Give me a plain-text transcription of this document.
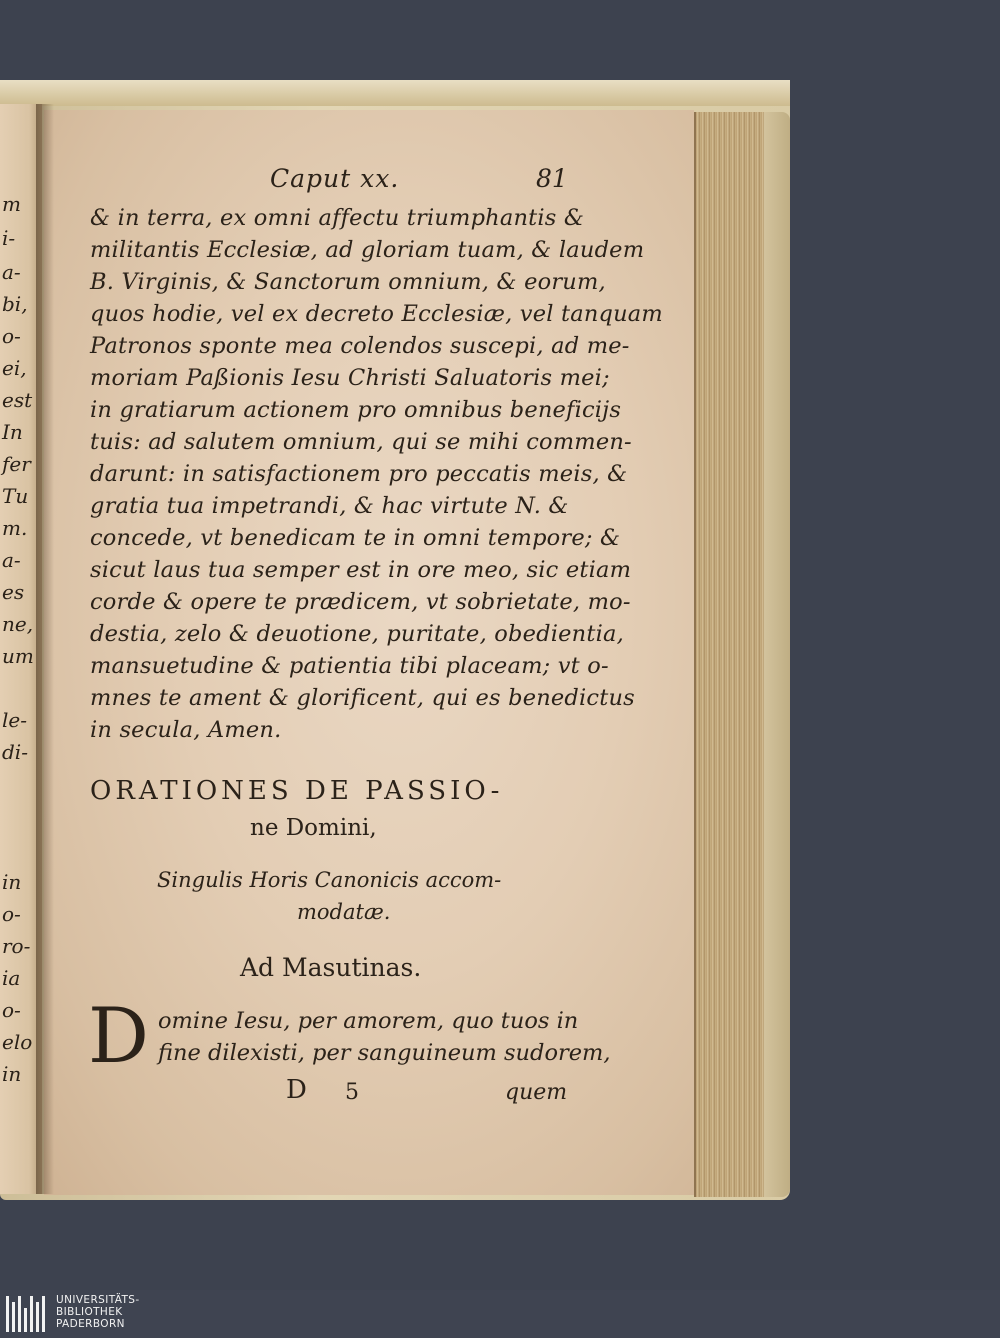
m
i-
a-
bi,
o-
ei,
est
In
fer
Tu
m.
a-
es
ne,
um
le-
di-
in
o-
ro-
ia
o-
elo
in
Caput xx.	81
& in terra, ex omni affectu triumphantis &
militantis Ecclesiæ, ad gloriam tuam, & laudem
B. Virginis, & Sanctorum omnium, & eorum,
quos hodie, vel ex decreto Ecclesiæ, vel tanquam
Patronos sponte mea colendos suscepi, ad me-
moriam Paßionis Iesu Christi Saluatoris mei;
in gratiarum actionem pro omnibus beneficijs
tuis: ad salutem omnium, qui se mihi commen-
darunt: in satisfactionem pro peccatis meis, &
gratia tua impetrandi, & hac virtute N. &
concede, vt benedicam te in omni tempore; &
sicut laus tua semper est in ore meo, sic etiam
corde & opere te prædicem, vt sobrietate, mo-
destia, zelo & deuotione, puritate, obedientia,
mansuetudine & patientia tibi placeam; vt o-
mnes te ament & glorificent, qui es benedictus
in secula, Amen.
ORATIONES DE PASSIO-
ne Domini,
Singulis Horis Canonicis accom-
modatæ.
Ad Masutinas.
D omine Iesu, per amorem, quo tuos in
fine dilexisti, per sanguineum sudorem,
D 5	quem
UNIVERSITÄTS-
BIBLIOTHEK
PADERBORN
